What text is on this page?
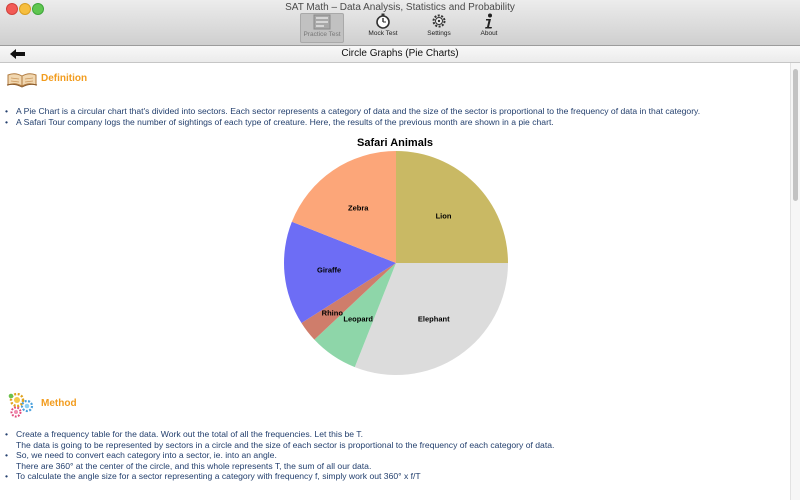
SAT Math – Data Analysis, Statistics and Probability
Practice Test	Mock Test	Settings	About
Circle Graphs (Pie Charts)
Definition
• A Pie Chart is a circular chart that's divided into sectors. Each sector represents a category of data and the size of the sector is proportional to the frequency of data in that category.
• A Safari Tour company logs the number of sightings of each type of creature. Here, the results of the previous month are shown in a pie chart.
Safari Animals
Lion
Elephant
Leopard
Rhino
Giraffe
Zebra
Method
• Create a frequency table for the data. Work out the total of all the frequencies. Let this be T.
The data is going to be represented by sectors in a circle and the size of each sector is proportional to the frequency of each category of data.
• So, we need to convert each category into a sector, ie. into an angle.
There are 360° at the center of the circle, and this whole represents T, the sum of all our data.
• To calculate the angle size for a sector representing a category with frequency f, simply work out 360° x f/T
